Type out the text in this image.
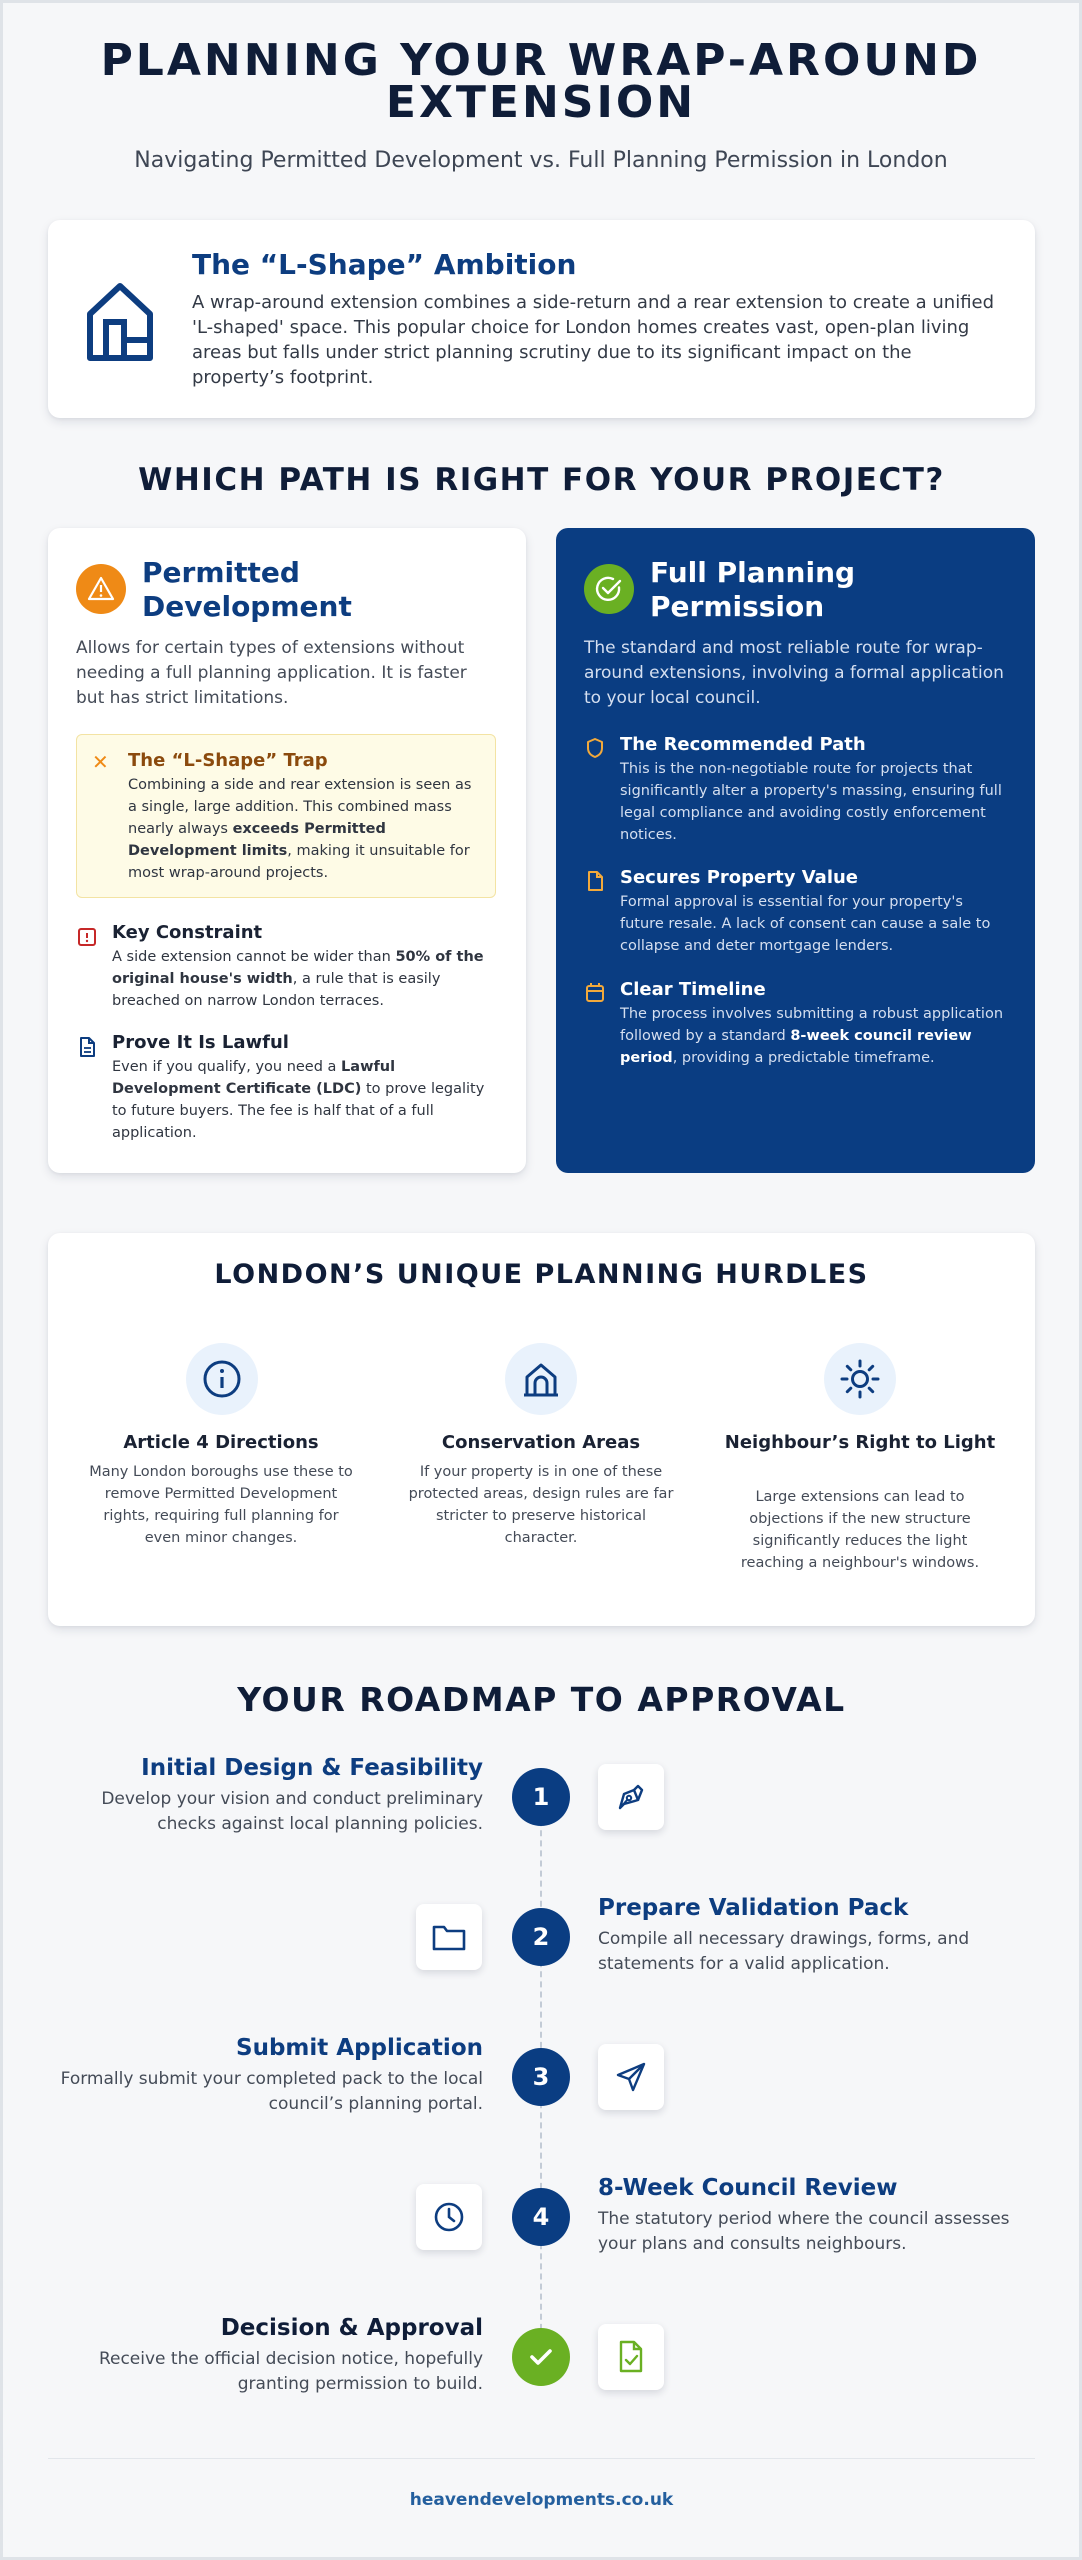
PLANNING YOUR WRAP-AROUND
EXTENSION
Navigating Permitted Development vs. Full Planning Permission in London
The “L-Shape” Ambition
A wrap-around extension combines a side-return and a rear extension to create a unified 'L-shaped' space. This popular choice for London homes creates vast, open-plan living areas but falls under strict planning scrutiny due to its significant impact on the property’s footprint.
WHICH PATH IS RIGHT FOR YOUR PROJECT?
Permitted Development
Allows for certain types of extensions without needing a full planning application. It is faster but has strict limitations.
✕ The “L-Shape” Trap
Combining a side and rear extension is seen as a single, large addition. This combined mass nearly always exceeds Permitted Development limits, making it unsuitable for most wrap-around projects.
Key Constraint
A side extension cannot be wider than 50% of the original house's width, a rule that is easily breached on narrow London terraces.
Prove It Is Lawful
Even if you qualify, you need a Lawful Development Certificate (LDC) to prove legality to future buyers. The fee is half that of a full application.
Full Planning Permission
The standard and most reliable route for wrap-around extensions, involving a formal application to your local council.
The Recommended Path
This is the non-negotiable route for projects that significantly alter a property's massing, ensuring full legal compliance and avoiding costly enforcement notices.
Secures Property Value
Formal approval is essential for your property's future resale. A lack of consent can cause a sale to collapse and deter mortgage lenders.
Clear Timeline
The process involves submitting a robust application followed by a standard 8-week council review period, providing a predictable timeframe.
LONDON’S UNIQUE PLANNING HURDLES
Article 4 Directions
Many London boroughs use these to remove Permitted Development rights, requiring full planning for even minor changes.
Conservation Areas
If your property is in one of these protected areas, design rules are far stricter to preserve historical character.
Neighbour’s Right to Light
Large extensions can lead to objections if the new structure significantly reduces the light reaching a neighbour's windows.
YOUR ROADMAP TO APPROVAL
Initial Design & Feasibility
Develop your vision and conduct preliminary checks against local planning policies.
1
2
Prepare Validation Pack
Compile all necessary drawings, forms, and statements for a valid application.
Submit Application
Formally submit your completed pack to the local council’s planning portal.
3
4
8-Week Council Review
The statutory period where the council assesses your plans and consults neighbours.
Decision & Approval
Receive the official decision notice, hopefully granting permission to build.
heavendevelopments.co.uk
